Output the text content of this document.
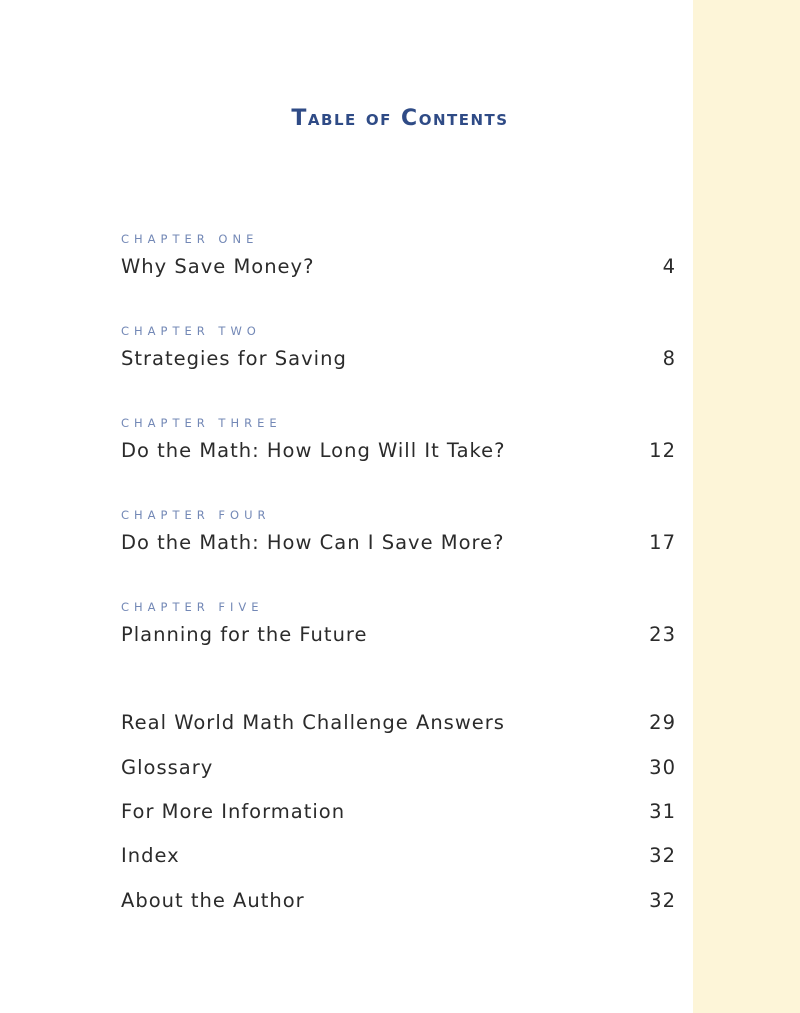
Table of Contents
CHAPTER ONE
Why Save Money?	4
CHAPTER TWO
Strategies for Saving	8
CHAPTER THREE
Do the Math: How Long Will It Take?	12
CHAPTER FOUR
Do the Math: How Can I Save More?	17
CHAPTER FIVE
Planning for the Future	23
Real World Math Challenge Answers	29
Glossary	30
For More Information	31
Index	32
About the Author	32
